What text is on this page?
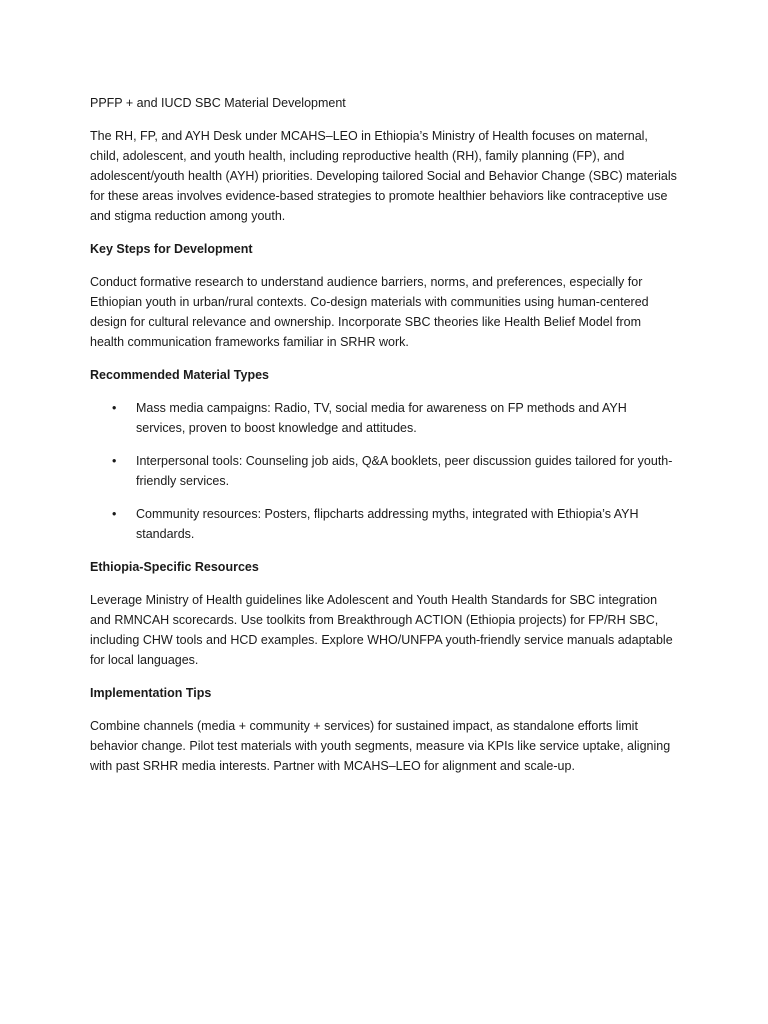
PPFP + and IUCD SBC Material Development

The RH, FP, and AYH Desk under MCAHS–LEO in Ethiopia’s Ministry of Health focuses on maternal, child, adolescent, and youth health, including reproductive health (RH), family planning (FP), and adolescent/youth health (AYH) priorities. Developing tailored Social and Behavior Change (SBC) materials for these areas involves evidence-based strategies to promote healthier behaviors like contraceptive use and stigma reduction among youth.

Key Steps for Development

Conduct formative research to understand audience barriers, norms, and preferences, especially for Ethiopian youth in urban/rural contexts. Co-design materials with communities using human-centered design for cultural relevance and ownership. Incorporate SBC theories like Health Belief Model from health communication frameworks familiar in SRHR work.

Recommended Material Types
• Mass media campaigns: Radio, TV, social media for awareness on FP methods and AYH services, proven to boost knowledge and attitudes.
• Interpersonal tools: Counseling job aids, Q&A booklets, peer discussion guides tailored for youth-friendly services.
• Community resources: Posters, flipcharts addressing myths, integrated with Ethiopia’s AYH standards.
Ethiopia-Specific Resources

Leverage Ministry of Health guidelines like Adolescent and Youth Health Standards for SBC integration and RMNCAH scorecards. Use toolkits from Breakthrough ACTION (Ethiopia projects) for FP/RH SBC, including CHW tools and HCD examples. Explore WHO/UNFPA youth-friendly service manuals adaptable for local languages.

Implementation Tips

Combine channels (media + community + services) for sustained impact, as standalone efforts limit behavior change. Pilot test materials with youth segments, measure via KPIs like service uptake, aligning with past SRHR media interests. Partner with MCAHS–LEO for alignment and scale-up.
